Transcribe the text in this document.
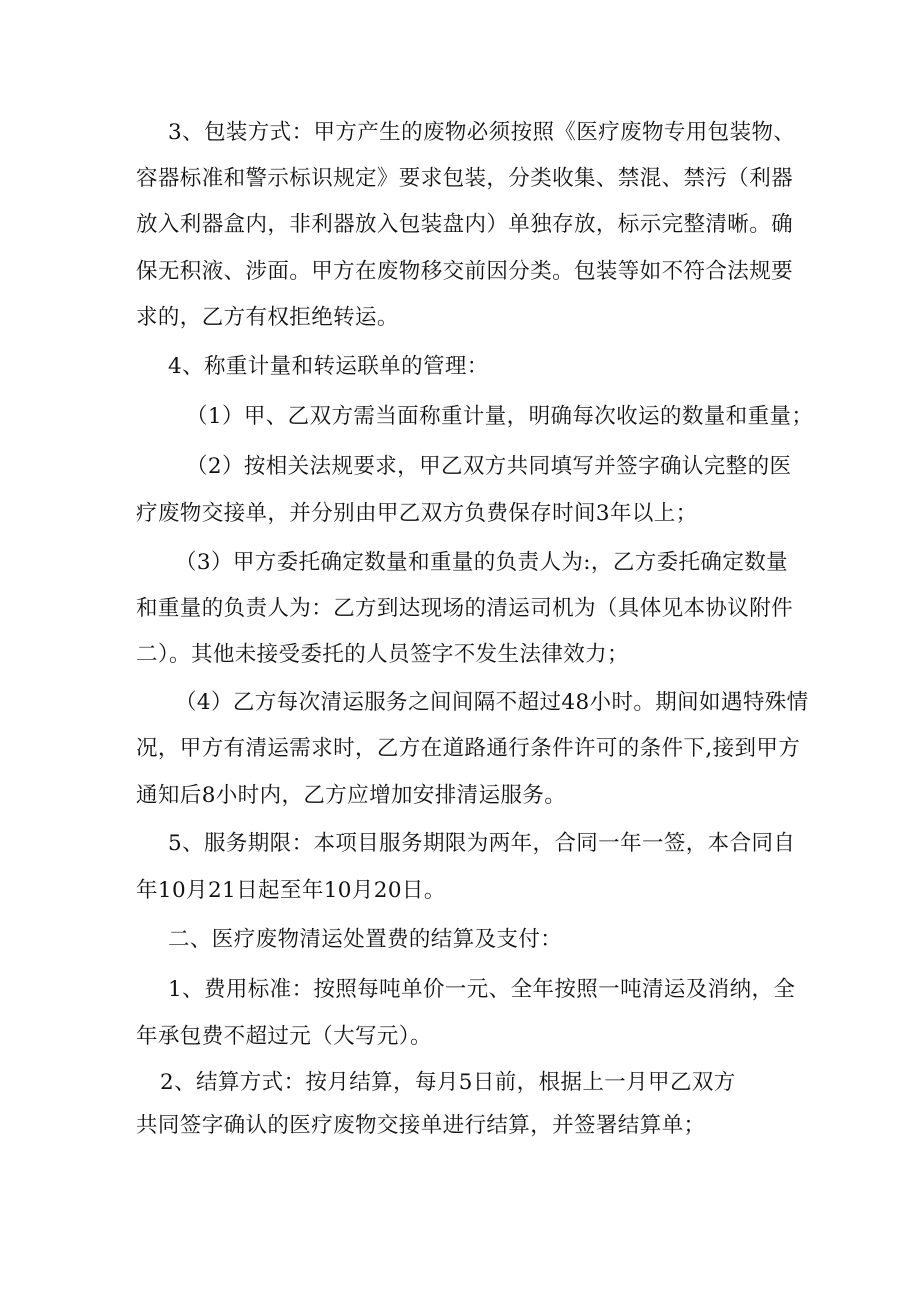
3、包装方式：甲方产生的废物必须按照《医疗废物专用包装物、
容器标准和警示标识规定》要求包装，分类收集、禁混、禁污（利器
放入利器盒内，非利器放入包装盘内）单独存放，标示完整清晰。确
保无积液、涉面。甲方在废物移交前因分类。包装等如不符合法规要
求的，乙方有权拒绝转运。
4、称重计量和转运联单的管理：
（1）甲、乙双方需当面称重计量，明确每次收运的数量和重量；
（2）按相关法规要求，甲乙双方共同填写并签字确认完整的医
疗废物交接单，并分别由甲乙双方负费保存时间3年以上；
（3）甲方委托确定数量和重量的负责人为:，乙方委托确定数量
和重量的负责人为：乙方到达现场的清运司机为（具体见本协议附件
二）。其他未接受委托的人员签字不发生法律效力；
（4）乙方每次清运服务之间间隔不超过48小时。期间如遇特殊情
况，甲方有清运需求时，乙方在道路通行条件许可的条件下,接到甲方
通知后8小时内，乙方应增加安排清运服务。
5、服务期限：本项目服务期限为两年，合同一年一签，本合同自
年10月21日起至年10月20日。
二、医疗废物清运处置费的结算及支付：
1、费用标准：按照每吨单价一元、全年按照一吨清运及消纳，全
年承包费不超过元（大写元）。
2、结算方式：按月结算，每月5日前，根据上一月甲乙双方
共同签字确认的医疗废物交接单进行结算，并签署结算单；
